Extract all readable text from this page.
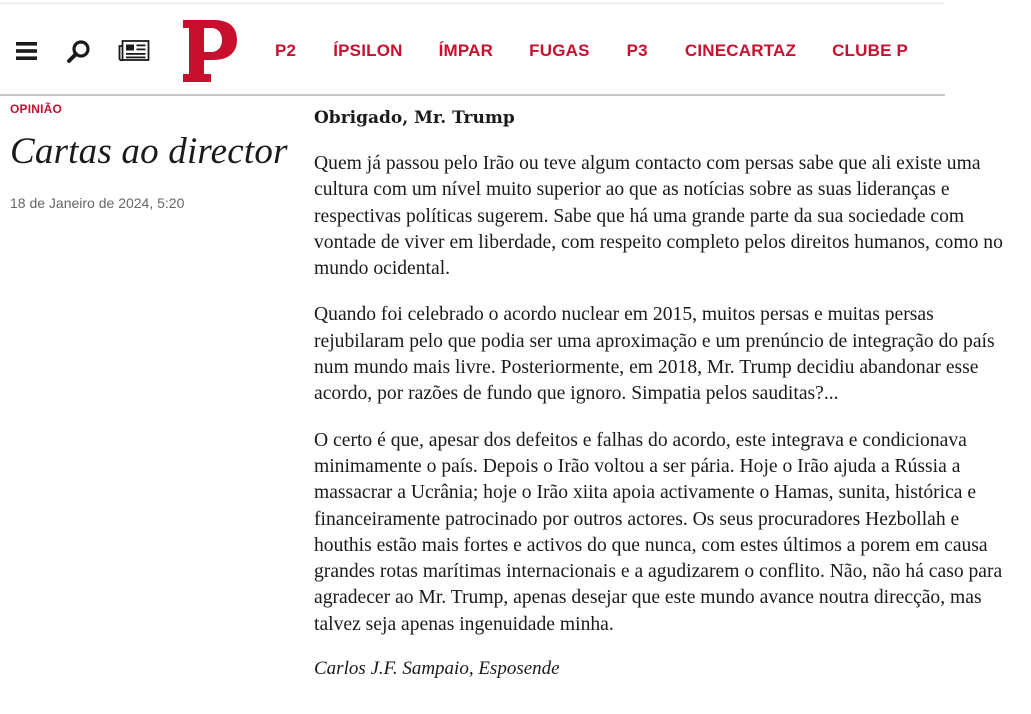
P2 ÍPSILON ÍMPAR FUGAS P3 CINECARTAZ CLUBE P
OPINIÃO
Cartas ao director
18 de Janeiro de 2024, 5:20
Obrigado, Mr. Trump

Quem já passou pelo Irão ou teve algum contacto com persas sabe que ali existe uma cultura com um nível muito superior ao que as notícias sobre as suas lideranças e respectivas políticas sugerem. Sabe que há uma grande parte da sua sociedade com vontade de viver em liberdade, com respeito completo pelos direitos humanos, como no mundo ocidental.

Quando foi celebrado o acordo nuclear em 2015, muitos persas e muitas persas rejubilaram pelo que podia ser uma aproximação e um prenúncio de integração do país num mundo mais livre. Posteriormente, em 2018, Mr. Trump decidiu abandonar esse acordo, por razões de fundo que ignoro. Simpatia pelos sauditas?...

O certo é que, apesar dos defeitos e falhas do acordo, este integrava e condicionava minimamente o país. Depois o Irão voltou a ser pária. Hoje o Irão ajuda a Rússia a massacrar a Ucrânia; hoje o Irão xiita apoia activamente o Hamas, sunita, histórica e financeiramente patrocinado por outros actores. Os seus procuradores Hezbollah e houthis estão mais fortes e activos do que nunca, com estes últimos a porem em causa grandes rotas marítimas internacionais e a agudizarem o conflito. Não, não há caso para agradecer ao Mr. Trump, apenas desejar que este mundo avance noutra direcção, mas talvez seja apenas ingenuidade minha.

Carlos J.F. Sampaio, Esposende
